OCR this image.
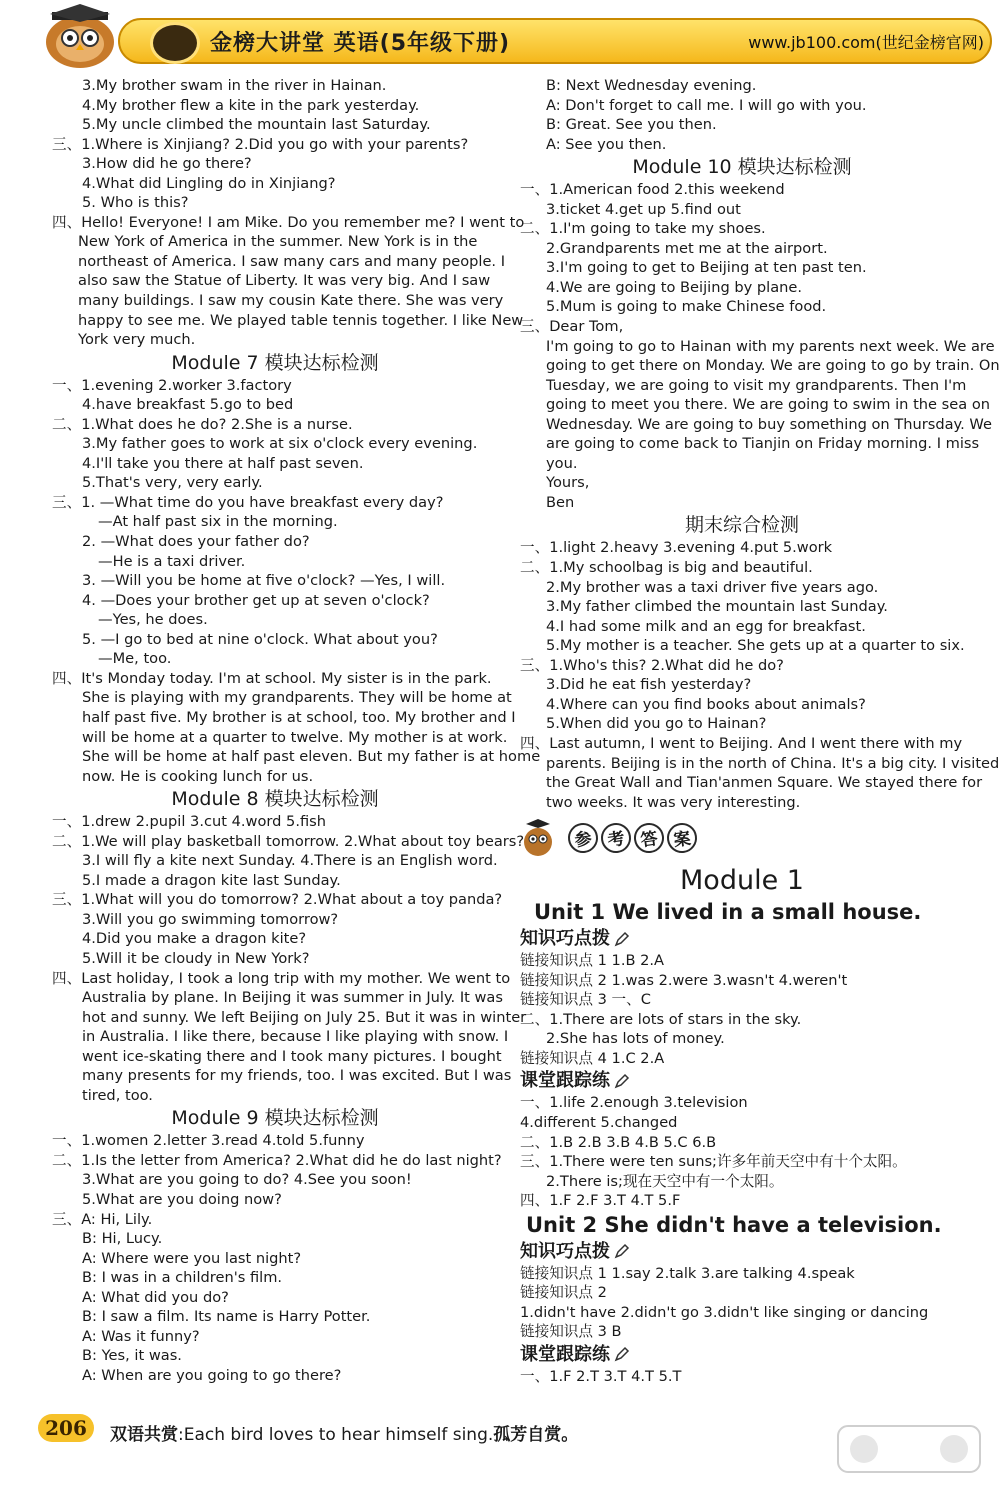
金榜大讲堂 英语(5年级下册)	www.jb100.com(世纪金榜官网)
3.My brother swam in the river in Hainan.
4.My brother flew a kite in the park yesterday.
5.My uncle climbed the mountain last Saturday.
三、1.Where is Xinjiang? 2.Did you go with your parents?
3.How did he go there?
4.What did Lingling do in Xinjiang?
5. Who is this?
四、Hello! Everyone! I am Mike. Do you remember me? I went to
New York of America in the summer. New York is in the
northeast of America. I saw many cars and many people. I
also saw the Statue of Liberty. It was very big. And I saw
many buildings. I saw my cousin Kate there. She was very
happy to see me. We played table tennis together. I like New
York very much.
Module 7 模块达标检测
一、1.evening 2.worker 3.factory
4.have breakfast 5.go to bed
二、1.What does he do? 2.She is a nurse.
3.My father goes to work at six o'clock every evening.
4.I'll take you there at half past seven.
5.That's very, very early.
三、1. —What time do you have breakfast every day?
—At half past six in the morning.
2. —What does your father do?
—He is a taxi driver.
3. —Will you be home at five o'clock? —Yes, I will.
4. —Does your brother get up at seven o'clock?
—Yes, he does.
5. —I go to bed at nine o'clock. What about you?
—Me, too.
四、It's Monday today. I'm at school. My sister is in the park.
She is playing with my grandparents. They will be home at
half past five. My brother is at school, too. My brother and I
will be home at a quarter to twelve. My mother is at work.
She will be home at half past eleven. But my father is at home
now. He is cooking lunch for us.
Module 8 模块达标检测
一、1.drew 2.pupil 3.cut 4.word 5.fish
二、1.We will play basketball tomorrow. 2.What about toy bears?
3.I will fly a kite next Sunday. 4.There is an English word.
5.I made a dragon kite last Sunday.
三、1.What will you do tomorrow? 2.What about a toy panda?
3.Will you go swimming tomorrow?
4.Did you make a dragon kite?
5.Will it be cloudy in New York?
四、Last holiday, I took a long trip with my mother. We went to
Australia by plane. In Beijing it was summer in July. It was
hot and sunny. We left Beijing on July 25. But it was in winter
in Australia. I like there, because I like playing with snow. I
went ice-skating there and I took many pictures. I bought
many presents for my friends, too. I was excited. But I was
tired, too.
Module 9 模块达标检测
一、1.women 2.letter 3.read 4.told 5.funny
二、1.Is the letter from America? 2.What did he do last night?
3.What are you going to do? 4.See you soon!
5.What are you doing now?
三、A: Hi, Lily.
B: Hi, Lucy.
A: Where were you last night?
B: I was in a children's film.
A: What did you do?
B: I saw a film. Its name is Harry Potter.
A: Was it funny?
B: Yes, it was.
A: When are you going to go there?
B: Next Wednesday evening.
A: Don't forget to call me. I will go with you.
B: Great. See you then.
A: See you then.
Module 10 模块达标检测
一、1.American food 2.this weekend
3.ticket 4.get up 5.find out
二、1.I'm going to take my shoes.
2.Grandparents met me at the airport.
3.I'm going to get to Beijing at ten past ten.
4.We are going to Beijing by plane.
5.Mum is going to make Chinese food.
三、Dear Tom,
I'm going to go to Hainan with my parents next week. We are
going to get there on Monday. We are going to go by train. On
Tuesday, we are going to visit my grandparents. Then I'm
going to meet you there. We are going to swim in the sea on
Wednesday. We are going to buy something on Thursday. We
are going to come back to Tianjin on Friday morning. I miss
you.
Yours,
Ben
期末综合检测
一、1.light 2.heavy 3.evening 4.put 5.work
二、1.My schoolbag is big and beautiful.
2.My brother was a taxi driver five years ago.
3.My father climbed the mountain last Sunday.
4.I had some milk and an egg for breakfast.
5.My mother is a teacher. She gets up at a quarter to six.
三、1.Who's this? 2.What did he do?
3.Did he eat fish yesterday?
4.Where can you find books about animals?
5.When did you go to Hainan?
四、Last autumn, I went to Beijing. And I went there with my
parents. Beijing is in the north of China. It's a big city. I visited
the Great Wall and Tian'anmen Square. We stayed there for
two weeks. It was very interesting.
参 考 答 案
Module 1
Unit 1 We lived in a small house.
知识巧点拨
链接知识点 1 1.B 2.A
链接知识点 2 1.was 2.were 3.wasn't 4.weren't
链接知识点 3 一、C
二、1.There are lots of stars in the sky.
2.She has lots of money.
链接知识点 4 1.C 2.A
课堂跟踪练
一、1.life 2.enough 3.television
4.different 5.changed
二、1.B 2.B 3.B 4.B 5.C 6.B
三、1.There were ten suns;许多年前天空中有十个太阳。
2.There is;现在天空中有一个太阳。
四、1.F 2.F 3.T 4.T 5.F
Unit 2 She didn't have a television.
知识巧点拨
链接知识点 1 1.say 2.talk 3.are talking 4.speak
链接知识点 2
1.didn't have 2.didn't go 3.didn't like singing or dancing
链接知识点 3 B
课堂跟踪练
一、1.F 2.T 3.T 4.T 5.T
206	双语共赏:Each bird loves to hear himself sing.孤芳自赏。
